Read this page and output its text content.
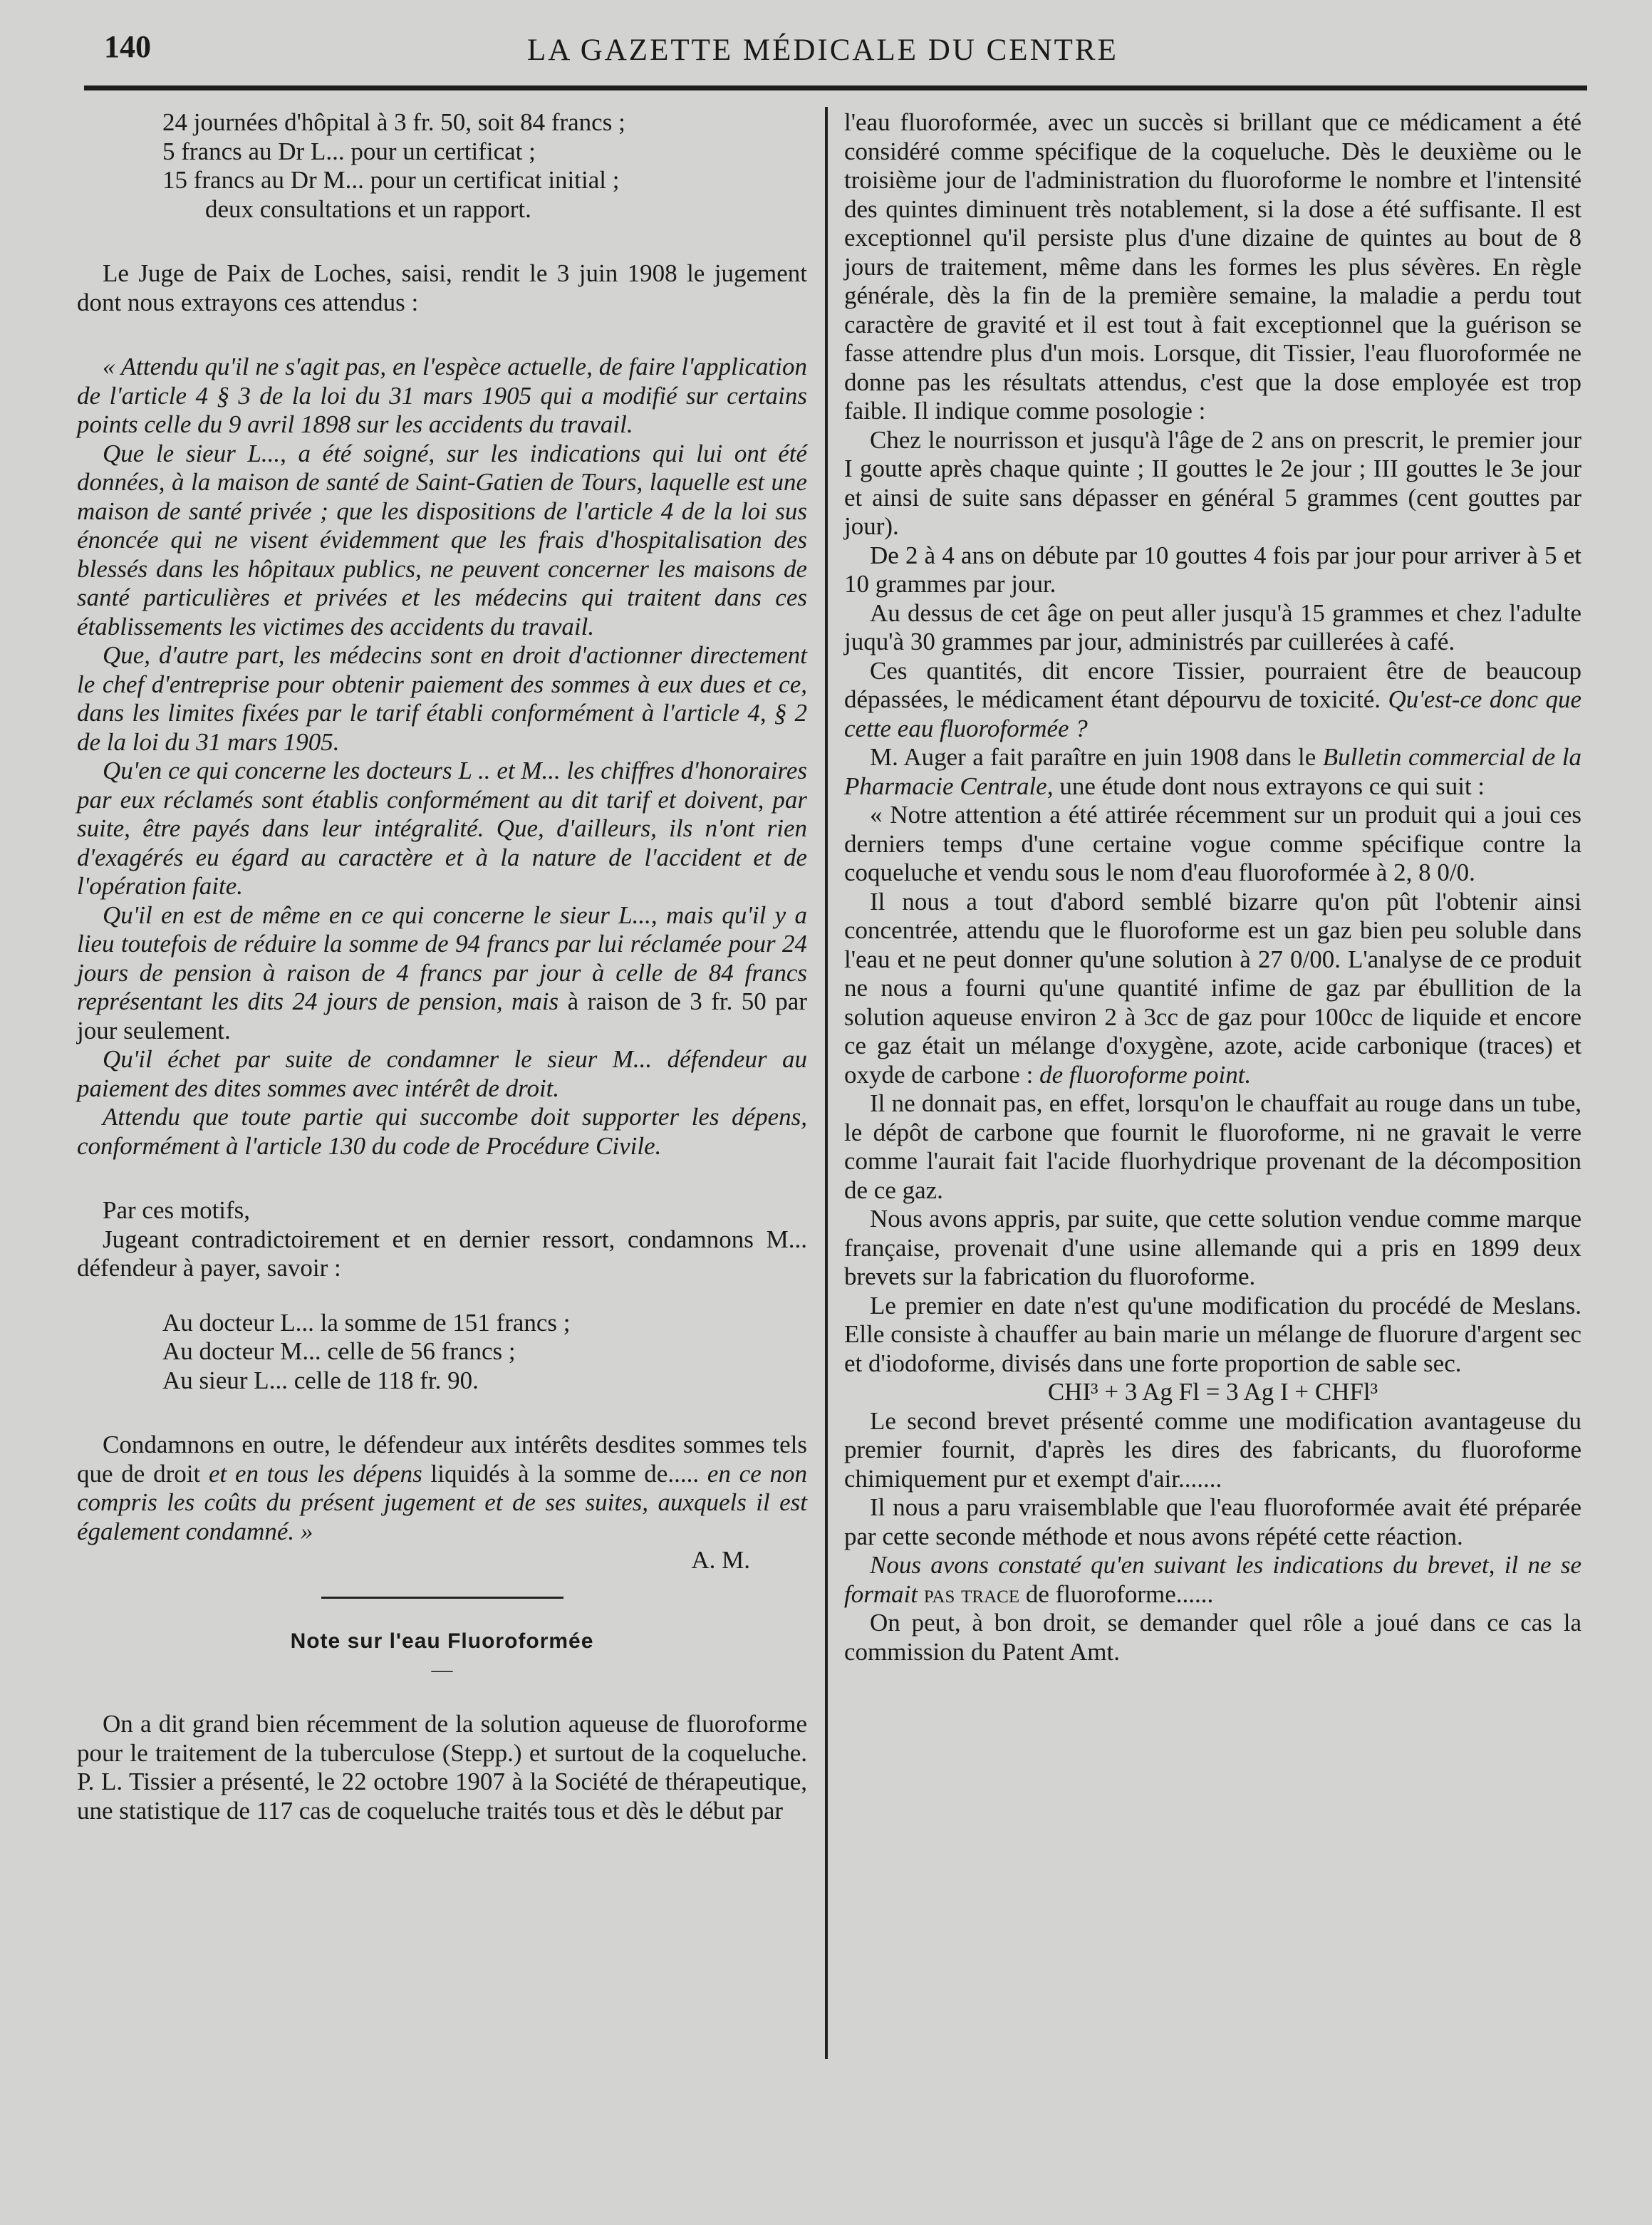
140	LA GAZETTE MÉDICALE DU CENTRE

24 journées d'hôpital à 3 fr. 50, soit 84 francs ;

5 francs au Dr L... pour un certificat ;

15 francs au Dr M... pour un certificat initial ;

deux consultations et un rapport.

Le Juge de Paix de Loches, saisi, rendit le 3 juin 1908 le jugement dont nous extrayons ces attendus :

« Attendu qu'il ne s'agit pas, en l'espèce actuelle, de faire l'application de l'article 4 § 3 de la loi du 31 mars 1905 qui a modifié sur certains points celle du 9 avril 1898 sur les accidents du travail.

Que le sieur L..., a été soigné, sur les indications qui lui ont été données, à la maison de santé de Saint-Gatien de Tours, laquelle est une maison de santé privée ; que les dispositions de l'article 4 de la loi sus énoncée qui ne visent évidemment que les frais d'hospitalisation des blessés dans les hôpitaux publics, ne peuvent concerner les maisons de santé particulières et privées et les médecins qui traitent dans ces établissements les victimes des accidents du travail.

Que, d'autre part, les médecins sont en droit d'actionner directement le chef d'entreprise pour obtenir paiement des sommes à eux dues et ce, dans les limites fixées par le tarif établi conformément à l'article 4, § 2 de la loi du 31 mars 1905.

Qu'en ce qui concerne les docteurs L .. et M... les chiffres d'honoraires par eux réclamés sont établis conformément au dit tarif et doivent, par suite, être payés dans leur intégralité. Que, d'ailleurs, ils n'ont rien d'exagérés eu égard au caractère et à la nature de l'accident et de l'opération faite.

Qu'il en est de même en ce qui concerne le sieur L..., mais qu'il y a lieu toutefois de réduire la somme de 94 francs par lui réclamée pour 24 jours de pension à raison de 4 francs par jour à celle de 84 francs représentant les dits 24 jours de pension, mais à raison de 3 fr. 50 par jour seulement.

Qu'il échet par suite de condamner le sieur M... défendeur au paiement des dites sommes avec intérêt de droit.

Attendu que toute partie qui succombe doit supporter les dépens, conformément à l'article 130 du code de Procédure Civile.

Par ces motifs,

Jugeant contradictoirement et en dernier ressort, condamnons M... défendeur à payer, savoir :

Au docteur L... la somme de 151 francs ;

Au docteur M... celle de 56 francs ;

Au sieur L... celle de 118 fr. 90.

Condamnons en outre, le défendeur aux intérêts desdites sommes tels que de droit et en tous les dépens liquidés à la somme de..... en ce non compris les coûts du présent jugement et de ses suites, auxquels il est également condamné. »

A. M.

Note sur l'eau Fluoroformée

—

On a dit grand bien récemment de la solution aqueuse de fluoroforme pour le traitement de la tuberculose (Stepp.) et surtout de la coqueluche. P. L. Tissier a présenté, le 22 octobre 1907 à la Société de thérapeutique, une statistique de 117 cas de coqueluche traités tous et dès le début par

l'eau fluoroformée, avec un succès si brillant que ce médicament a été considéré comme spécifique de la coqueluche. Dès le deuxième ou le troisième jour de l'administration du fluoroforme le nombre et l'intensité des quintes diminuent très notablement, si la dose a été suffisante. Il est exceptionnel qu'il persiste plus d'une dizaine de quintes au bout de 8 jours de traitement, même dans les formes les plus sévères. En règle générale, dès la fin de la première semaine, la maladie a perdu tout caractère de gravité et il est tout à fait exceptionnel que la guérison se fasse attendre plus d'un mois. Lorsque, dit Tissier, l'eau fluoroformée ne donne pas les résultats attendus, c'est que la dose employée est trop faible. Il indique comme posologie :

Chez le nourrisson et jusqu'à l'âge de 2 ans on prescrit, le premier jour I goutte après chaque quinte ; II gouttes le 2e jour ; III gouttes le 3e jour et ainsi de suite sans dépasser en général 5 grammes (cent gouttes par jour).

De 2 à 4 ans on débute par 10 gouttes 4 fois par jour pour arriver à 5 et 10 grammes par jour.

Au dessus de cet âge on peut aller jusqu'à 15 grammes et chez l'adulte juqu'à 30 grammes par jour, administrés par cuillerées à café.

Ces quantités, dit encore Tissier, pourraient être de beaucoup dépassées, le médicament étant dépourvu de toxicité. Qu'est-ce donc que cette eau fluoroformée ?

M. Auger a fait paraître en juin 1908 dans le Bulletin commercial de la Pharmacie Centrale, une étude dont nous extrayons ce qui suit :

« Notre attention a été attirée récemment sur un produit qui a joui ces derniers temps d'une certaine vogue comme spécifique contre la coqueluche et vendu sous le nom d'eau fluoroformée à 2, 8 0/0.

Il nous a tout d'abord semblé bizarre qu'on pût l'obtenir ainsi concentrée, attendu que le fluoroforme est un gaz bien peu soluble dans l'eau et ne peut donner qu'une solution à 27 0/00. L'analyse de ce produit ne nous a fourni qu'une quantité infime de gaz par ébullition de la solution aqueuse environ 2 à 3cc de gaz pour 100cc de liquide et encore ce gaz était un mélange d'oxygène, azote, acide carbonique (traces) et oxyde de carbone : de fluoroforme point.

Il ne donnait pas, en effet, lorsqu'on le chauffait au rouge dans un tube, le dépôt de carbone que fournit le fluoroforme, ni ne gravait le verre comme l'aurait fait l'acide fluorhydrique provenant de la décomposition de ce gaz.

Nous avons appris, par suite, que cette solution vendue comme marque française, provenait d'une usine allemande qui a pris en 1899 deux brevets sur la fabrication du fluoroforme.

Le premier en date n'est qu'une modification du procédé de Meslans. Elle consiste à chauffer au bain marie un mélange de fluorure d'argent sec et d'iodoforme, divisés dans une forte proportion de sable sec.

CHI³ + 3 Ag Fl = 3 Ag I + CHFl³

Le second brevet présenté comme une modification avantageuse du premier fournit, d'après les dires des fabricants, du fluoroforme chimiquement pur et exempt d'air.......

Il nous a paru vraisemblable que l'eau fluoroformée avait été préparée par cette seconde méthode et nous avons répété cette réaction.

Nous avons constaté qu'en suivant les indications du brevet, il ne se formait pas trace de fluoroforme......

On peut, à bon droit, se demander quel rôle a joué dans ce cas la commission du Patent Amt.
